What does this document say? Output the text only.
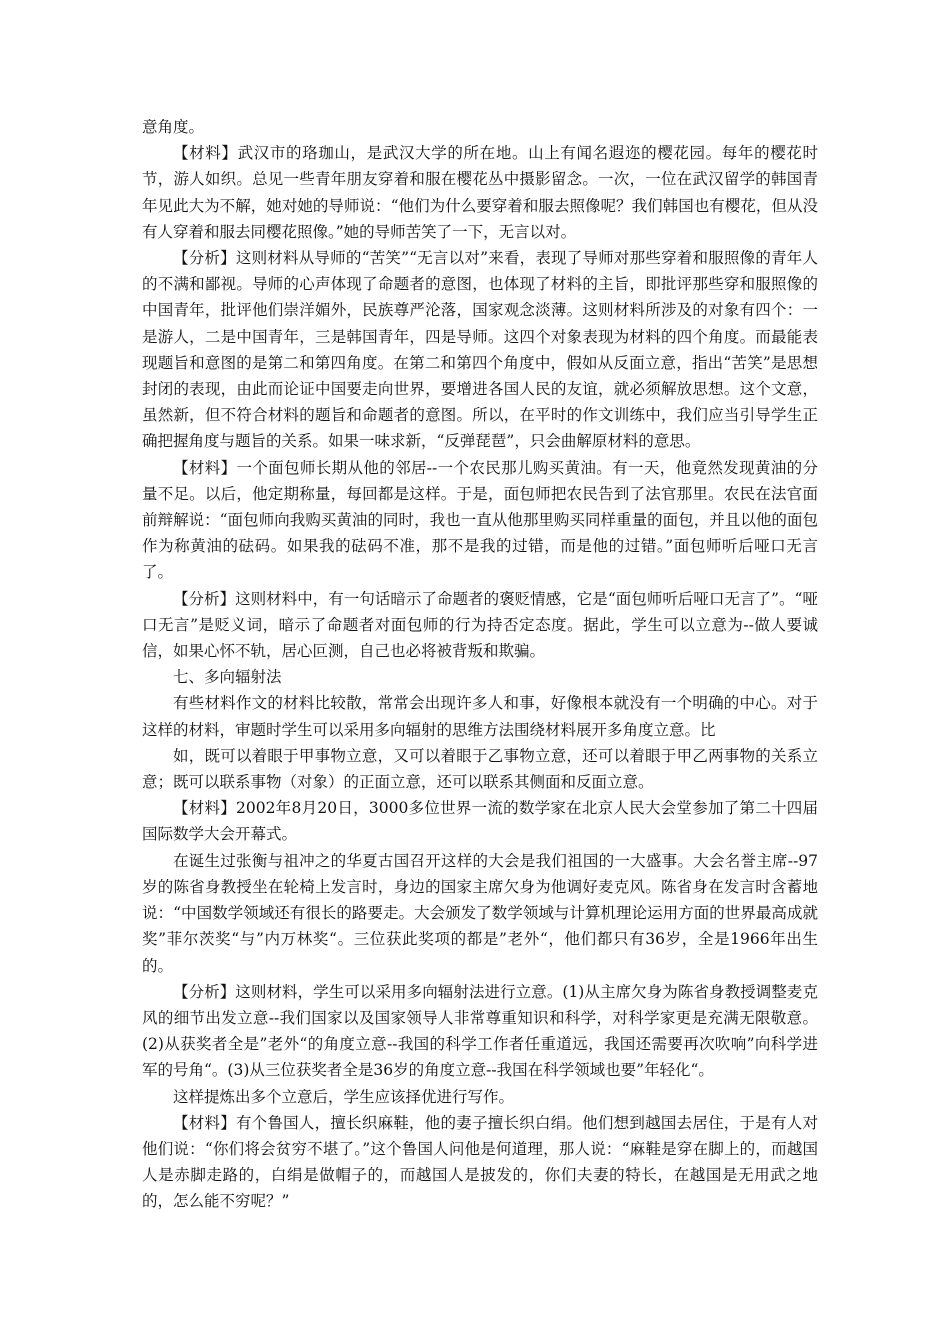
意角度。

【材料】武汉市的珞珈山，是武汉大学的所在地。山上有闻名遐迩的樱花园。每年的樱花时节，游人如织。总见一些青年朋友穿着和服在樱花丛中摄影留念。一次，一位在武汉留学的韩国青年见此大为不解，她对她的导师说：“他们为什么要穿着和服去照像呢？我们韩国也有樱花，但从没有人穿着和服去同樱花照像。”她的导师苦笑了一下，无言以对。

【分析】这则材料从导师的“苦笑”“无言以对”来看，表现了导师对那些穿着和服照像的青年人的不满和鄙视。导师的心声体现了命题者的意图，也体现了材料的主旨，即批评那些穿和服照像的中国青年，批评他们崇洋媚外，民族尊严沦落，国家观念淡薄。这则材料所涉及的对象有四个：一是游人，二是中国青年，三是韩国青年，四是导师。这四个对象表现为材料的四个角度。而最能表现题旨和意图的是第二和第四角度。在第二和第四个角度中，假如从反面立意，指出“苦笑”是思想封闭的表现，由此而论证中国要走向世界，要增进各国人民的友谊，就必须解放思想。这个文意，虽然新，但不符合材料的题旨和命题者的意图。所以，在平时的作文训练中，我们应当引导学生正确把握角度与题旨的关系。如果一味求新，“反弹琵琶”，只会曲解原材料的意思。

【材料】一个面包师长期从他的邻居--一个农民那儿购买黄油。有一天，他竟然发现黄油的分量不足。以后，他定期称量，每回都是这样。于是，面包师把农民告到了法官那里。农民在法官面前辩解说：“面包师向我购买黄油的同时，我也一直从他那里购买同样重量的面包，并且以他的面包作为称黄油的砝码。如果我的砝码不准，那不是我的过错，而是他的过错。”面包师听后哑口无言了。

【分析】这则材料中，有一句话暗示了命题者的褒贬情感，它是“面包师听后哑口无言了”。“哑口无言”是贬义词，暗示了命题者对面包师的行为持否定态度。据此，学生可以立意为--做人要诚信，如果心怀不轨，居心叵测，自己也必将被背叛和欺骗。

七、多向辐射法

有些材料作文的材料比较散，常常会出现许多人和事，好像根本就没有一个明确的中心。对于这样的材料，审题时学生可以采用多向辐射的思维方法围绕材料展开多角度立意。比

如，既可以着眼于甲事物立意，又可以着眼于乙事物立意，还可以着眼于甲乙两事物的关系立意；既可以联系事物（对象）的正面立意，还可以联系其侧面和反面立意。

【材料】2002年8月20日，3000多位世界一流的数学家在北京人民大会堂参加了第二十四届国际数学大会开幕式。

在诞生过张衡与祖冲之的华夏古国召开这样的大会是我们祖国的一大盛事。大会名誉主席--97岁的陈省身教授坐在轮椅上发言时，身边的国家主席欠身为他调好麦克风。陈省身在发言时含蓄地说：“中国数学领域还有很长的路要走。大会颁发了数学领域与计算机理论运用方面的世界最高成就奖”菲尔茨奖“与”内万林奖“。三位获此奖项的都是”老外“，他们都只有36岁，全是1966年出生的。

【分析】这则材料，学生可以采用多向辐射法进行立意。(1)从主席欠身为陈省身教授调整麦克风的细节出发立意--我们国家以及国家领导人非常尊重知识和科学，对科学家更是充满无限敬意。(2)从获奖者全是”老外“的角度立意--我国的科学工作者任重道远，我国还需要再次吹响”向科学进军的号角“。(3)从三位获奖者全是36岁的角度立意--我国在科学领域也要”年轻化“。

这样提炼出多个立意后，学生应该择优进行写作。

【材料】有个鲁国人，擅长织麻鞋，他的妻子擅长织白绢。他们想到越国去居住，于是有人对他们说：“你们将会贫穷不堪了。”这个鲁国人问他是何道理，那人说：“麻鞋是穿在脚上的，而越国人是赤脚走路的，白绢是做帽子的，而越国人是披发的，你们夫妻的特长，在越国是无用武之地的，怎么能不穷呢？”
